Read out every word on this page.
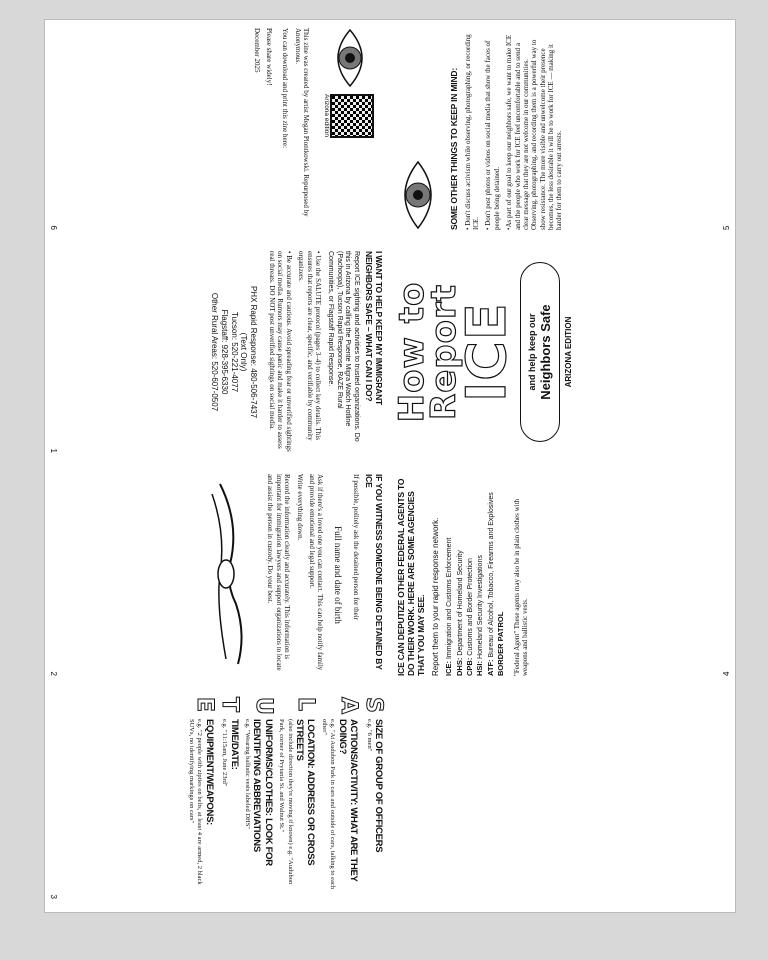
Arizona edition

This zine was created by artist Megan Plontkowski. Repurposed by Anonymous.

You can download and print this zine here:

Please share widely!

December 2025

6
I WANT TO HELP KEEP MY IMMIGRANT NEIGHBORS SAFE – WHAT CAN I DO?

Report ICE sighting and activities to trusted organizations. Do this in Arizona by calling the Puente Migra Watch Hotline (Pachoopa), Tucson Rapid Response, RAZE Rural Communities, or Flagstaff Rapid Response.

• Use the SALUTE protocol (pages 3–4) to collect key details. This ensures that reports are clear, specific, and verifiable by community organizers.

• Be accurate and cautious. Avoid spreading fear or unverified sightings on social media. Rumors may cause panic and make it harder to assess real threats. DO NOT post unverified sightings on social media.

PHX Rapid Response: 480-506-7437
(Text Only)
Tucson: 520-221-4077
Flagstaff: 928-395-6330
Other Rural Areas: 520-607-0507
1
IF YOU WITNESS SOMEONE BEING DETAINED BY ICE

If possible, politely ask the detained person for their

Full name and date of birth

Ask if there's a loved one you can contact. This can help notify family and provide emotional and legal support.

Write everything down.

Record the information clearly and accurately. This information is important for immigration lawyers and support organizations to locate and assist the person in custody. Do your best.

2
S
SIZE OF GROUP OF OFFICERS
e.g. "6 men"
A
ACTIONS/ACTIVITY: WHAT ARE THEY DOING?
e.g. "At Audubon Park in cars and outside of cars, talking to each other"
L
LOCATION: ADDRESS OR CROSS STREETS
(also include direction they're moving if known) e.g. "Audubon Park, corner of Prytania St. and Walnut St."
U
UNIFORMS/CLOTHES: LOOK FOR IDENTIFYING ABBREVIATIONS
e.g. "Wearing ballistic vests labeled DHS"
T
TIME/DATE:
e.g. "11:15am, June 23rd"
E
EQUIPMENT/WEAPONS:
e.g. "2 people with zipties on belts, at least 4 are armed, 2 black SUVs, no identifying markings on cars"
3
SOME OTHER THINGS TO KEEP IN MIND: • Don't discuss activism while observing, photographing, or recording ICE. • Don't post photos or videos on social media that show the faces of people being detained. •As part of our goal to keep our neighbors safe, we want to make ICE and the people who work for ICE feel uncomfortable and to send a clear message that they are not welcome in our communities. Observing, photographing, and recording them is a powerful way to show resistance. The more visible and unwelcome their presence becomes, the less desirable it will be to work for ICE — making it harder for them to carry out arrests.	5
How to
Report
ICE and help keep our Neighbors Safe ARIZONA EDITION
ICE CAN DEPUTIZE OTHER FEDERAL AGENTS TO DO THEIR WORK. HERE ARE SOME AGENCIES THAT YOU MAY SEE. Report them to your rapid response network. ICE: Immigration and Customs Enforcement
DHS: Department of Homeland Security
CPB: Customs and Border Protection
HSI: Homeland Security Investigations
ATF: Bureau of Alcohol, Tobacco, Firearms and Explosives BORDER PATROL "Federal Agent" These agents may also be in plain clothes with weapons and ballistic vests.	4
